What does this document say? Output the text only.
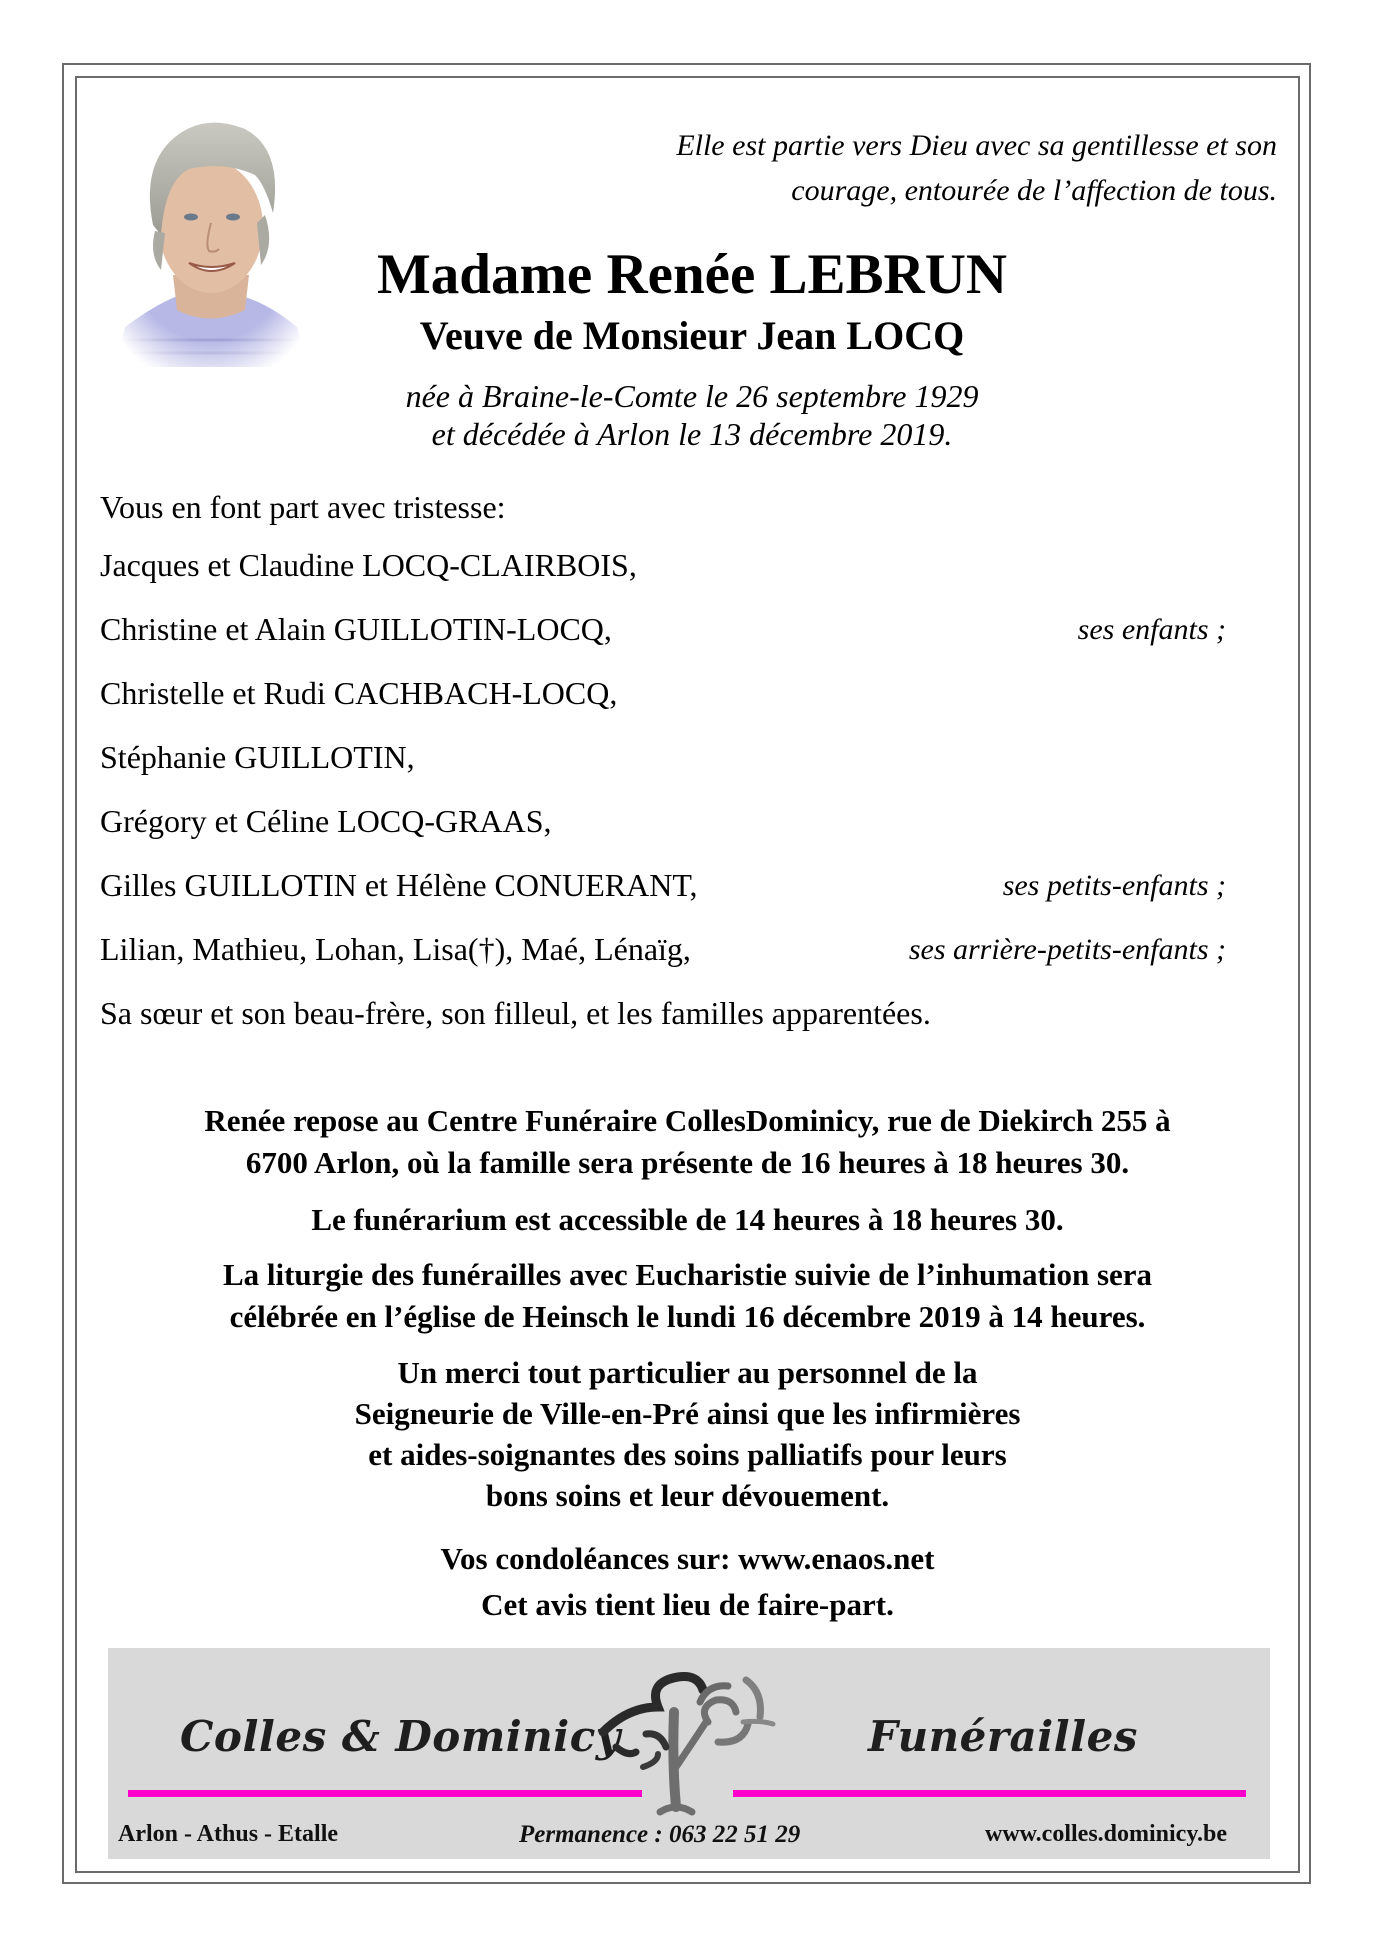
Elle est partie vers Dieu avec sa gentillesse et son
courage, entourée de l’affection de tous.
Madame Renée LEBRUN
Veuve de Monsieur Jean LOCQ
née à Braine-le-Comte le 26 septembre 1929
et décédée à Arlon le 13 décembre 2019.
Vous en font part avec tristesse:
Jacques et Claudine LOCQ-CLAIRBOIS,
Christine et Alain GUILLOTIN-LOCQ,	ses enfants ;
Christelle et Rudi CACHBACH-LOCQ,
Stéphanie GUILLOTIN,
Grégory et Céline LOCQ-GRAAS,
Gilles GUILLOTIN et Hélène CONUERANT,	ses petits-enfants ;
Lilian, Mathieu, Lohan, Lisa(†), Maé, Lénaïg,	ses arrière-petits-enfants ;
Sa sœur et son beau-frère, son filleul, et les familles apparentées.
Renée repose au Centre Funéraire CollesDominicy, rue de Diekirch 255 à
6700 Arlon, où la famille sera présente de 16 heures à 18 heures 30.
Le funérarium est accessible de 14 heures à 18 heures 30.
La liturgie des funérailles avec Eucharistie suivie de l’inhumation sera
célébrée en l’église de Heinsch le lundi 16 décembre 2019 à 14 heures.
Un merci tout particulier au personnel de la
Seigneurie de Ville-en-Pré ainsi que les infirmières
et aides-soignantes des soins palliatifs pour leurs
bons soins et leur dévouement.
Vos condoléances sur: www.enaos.net
Cet avis tient lieu de faire-part.
Colles & Dominicy	Funérailles
Arlon - Athus - Etalle	Permanence : 063 22 51 29	www.colles.dominicy.be
